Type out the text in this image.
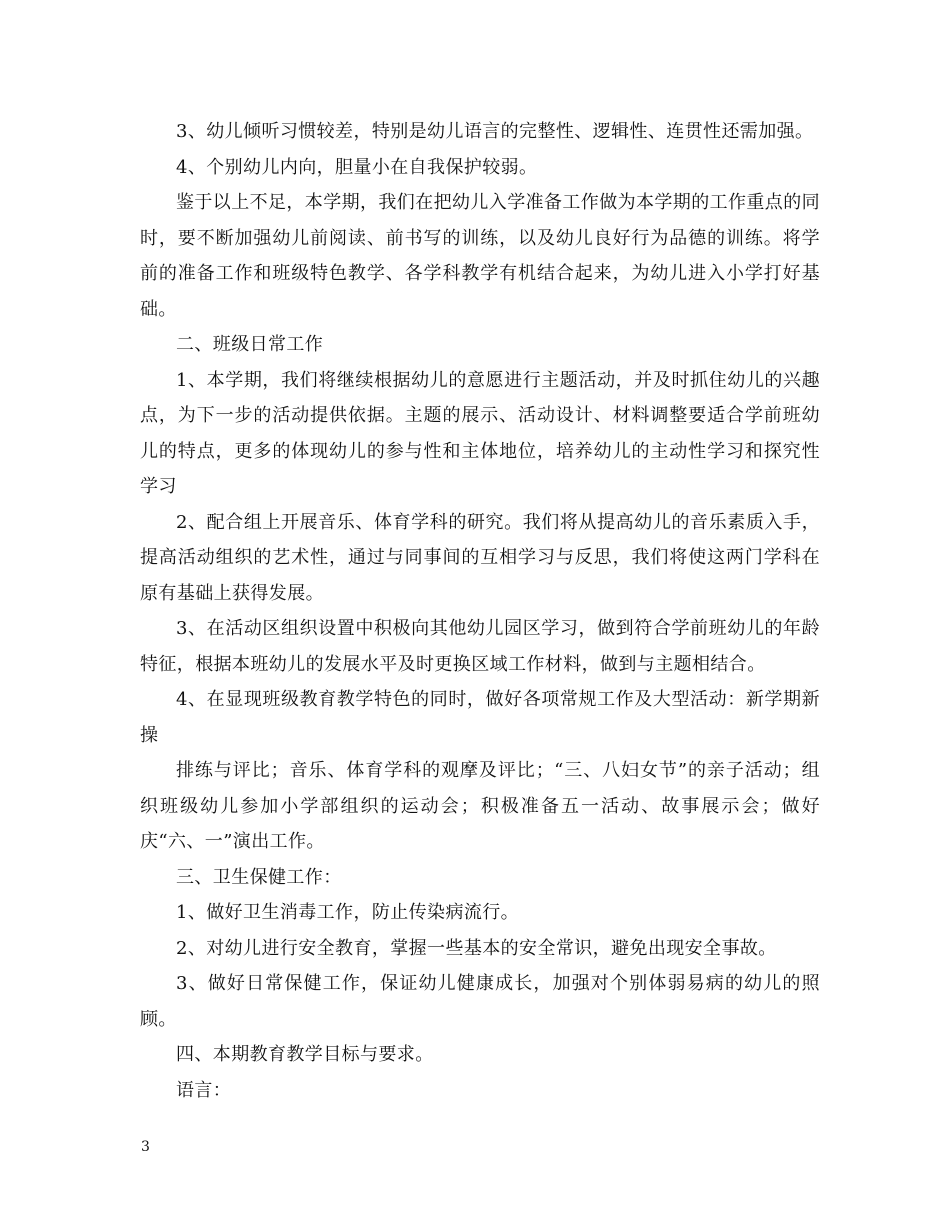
3、幼儿倾听习惯较差，特别是幼儿语言的完整性、逻辑性、连贯性还需加强。

4、个别幼儿内向，胆量小在自我保护较弱。

鉴于以上不足，本学期，我们在把幼儿入学准备工作做为本学期的工作重点的同时，要不断加强幼儿前阅读、前书写的训练，以及幼儿良好行为品德的训练。将学前的准备工作和班级特色教学、各学科教学有机结合起来，为幼儿进入小学打好基础。

二、班级日常工作

1、本学期，我们将继续根据幼儿的意愿进行主题活动，并及时抓住幼儿的兴趣点，为下一步的活动提供依据。主题的展示、活动设计、材料调整要适合学前班幼儿的特点，更多的体现幼儿的参与性和主体地位，培养幼儿的主动性学习和探究性学习

2、配合组上开展音乐、体育学科的研究。我们将从提高幼儿的音乐素质入手，提高活动组织的艺术性，通过与同事间的互相学习与反思，我们将使这两门学科在原有基础上获得发展。

3、在活动区组织设置中积极向其他幼儿园区学习，做到符合学前班幼儿的年龄特征，根据本班幼儿的发展水平及时更换区域工作材料，做到与主题相结合。

4、在显现班级教育教学特色的同时，做好各项常规工作及大型活动：新学期新操

排练与评比；音乐、体育学科的观摩及评比；“三、八妇女节”的亲子活动；组织班级幼儿参加小学部组织的运动会；积极准备五一活动、故事展示会；做好庆“六、一”演出工作。

三、卫生保健工作：

1、做好卫生消毒工作，防止传染病流行。

2、对幼儿进行安全教育，掌握一些基本的安全常识，避免出现安全事故。

3、做好日常保健工作，保证幼儿健康成长，加强对个别体弱易病的幼儿的照顾。

四、本期教育教学目标与要求。

语言：

3
